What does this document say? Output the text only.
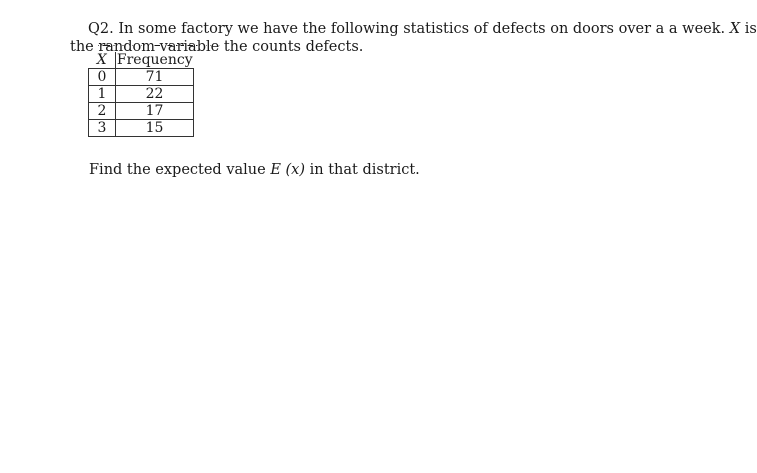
Q2. In some factory we have the following statistics of defects on doors over a a week. X is
the random variable the counts defects.
X	Frequency
0	71
1	22
2	17
3	15
Find the expected value E (x) in that district.
